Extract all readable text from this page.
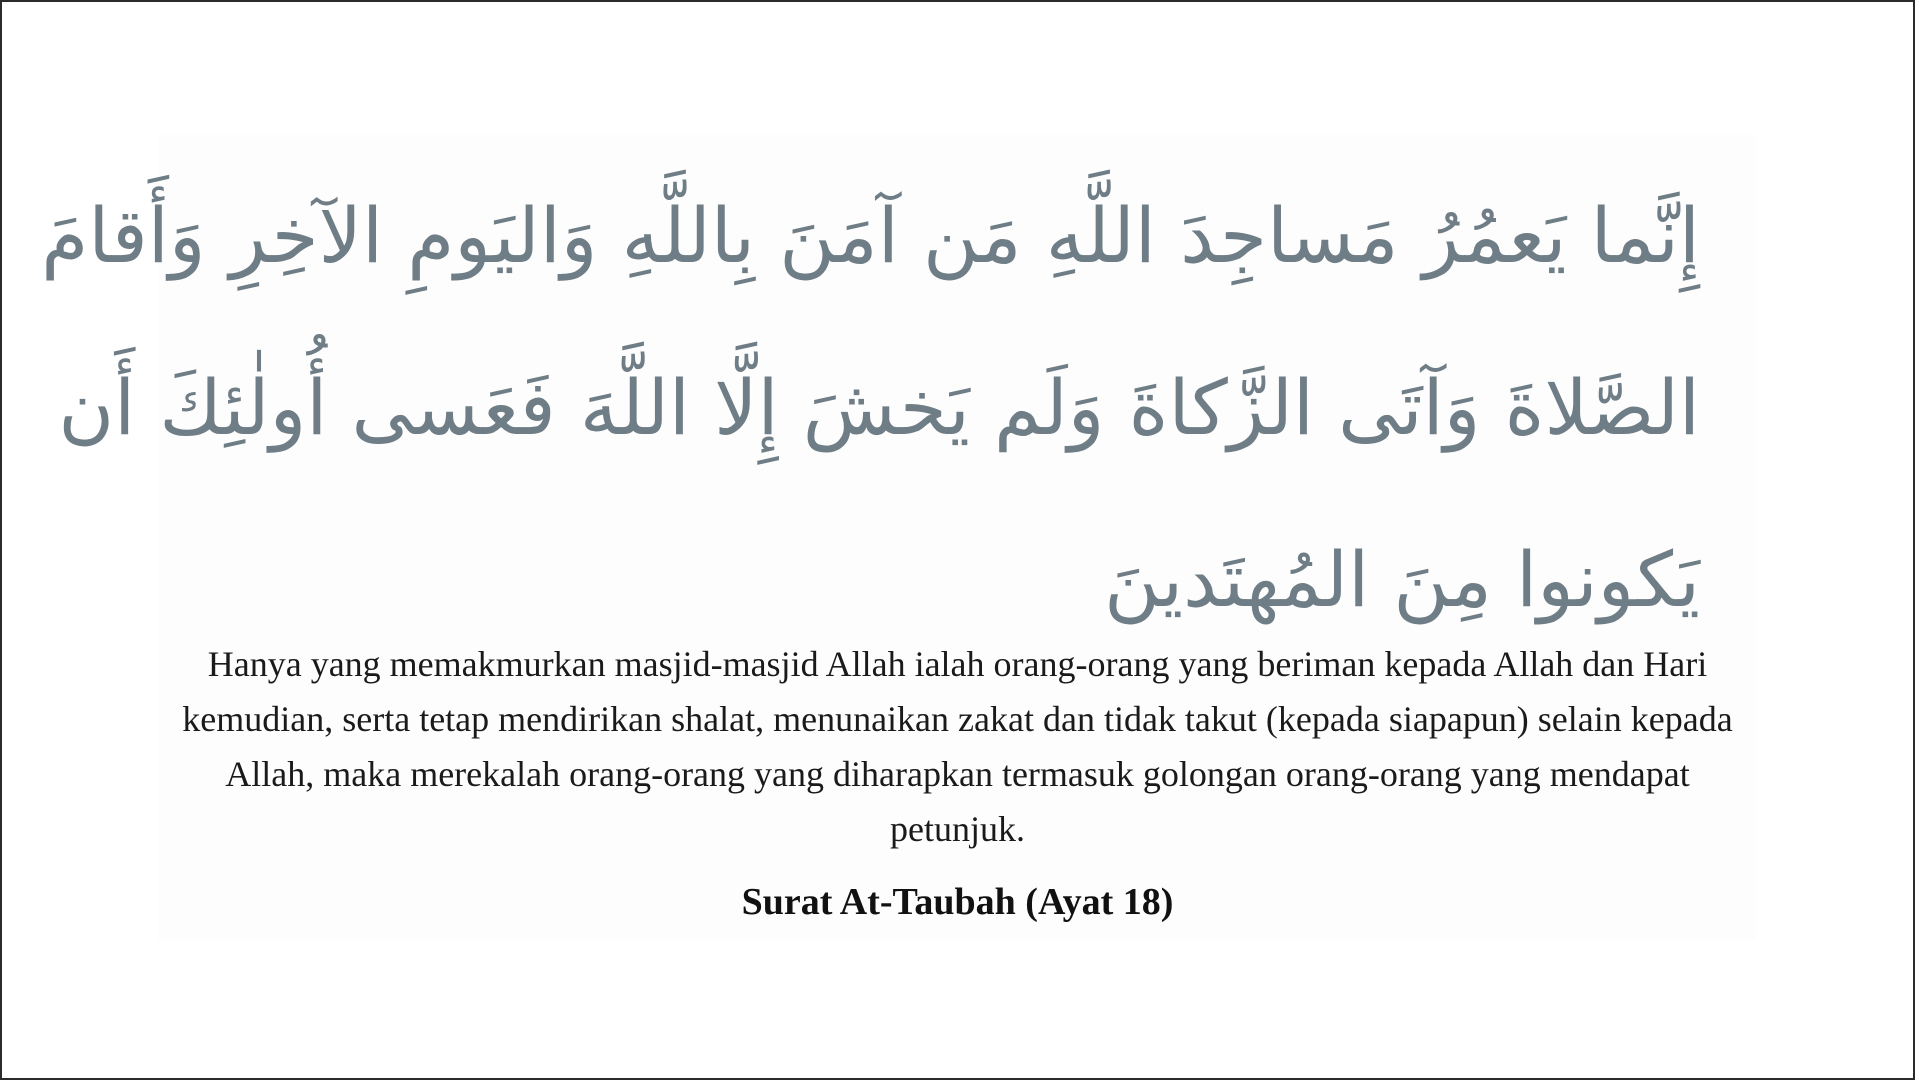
إِنَّما يَعمُرُ مَساجِدَ اللَّهِ مَن آمَنَ بِاللَّهِ وَاليَومِ الآخِرِ وَأَقامَ
الصَّلاةَ وَآتَى الزَّكاةَ وَلَم يَخشَ إِلَّا اللَّهَ فَعَسى أُولٰئِكَ أَن
يَكونوا مِنَ المُهتَدينَ

Hanya yang memakmurkan masjid-masjid Allah ialah orang-orang yang beriman kepada Allah dan Hari kemudian, serta tetap mendirikan shalat, menunaikan zakat dan tidak takut (kepada siapapun) selain kepada Allah, maka merekalah orang-orang yang diharapkan termasuk golongan orang-orang yang mendapat petunjuk.

Surat At-Taubah (Ayat 18)
